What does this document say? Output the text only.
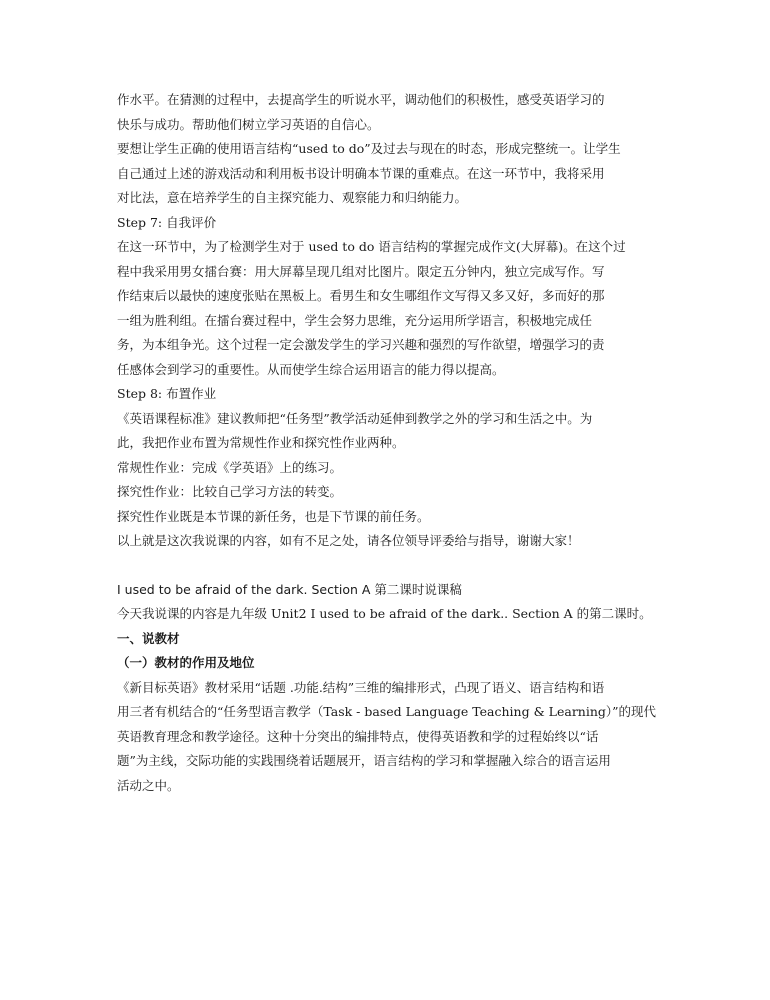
作水平。在猜测的过程中，去提高学生的听说水平，调动他们的积极性，感受英语学习的
快乐与成功。帮助他们树立学习英语的自信心。
要想让学生正确的使用语言结构“used to do”及过去与现在的时态，形成完整统一。让学生
自己通过上述的游戏活动和利用板书设计明确本节课的重难点。在这一环节中，我将采用
对比法，意在培养学生的自主探究能力、观察能力和归纳能力。
Step 7: 自我评价
在这一环节中，为了检测学生对于 used to do 语言结构的掌握完成作文(大屏幕)。在这个过
程中我采用男女擂台赛：用大屏幕呈现几组对比图片。限定五分钟内，独立完成写作。写
作结束后以最快的速度张贴在黑板上。看男生和女生哪组作文写得又多又好，多而好的那
一组为胜利组。在擂台赛过程中，学生会努力思维，充分运用所学语言，积极地完成任
务，为本组争光。这个过程一定会激发学生的学习兴趣和强烈的写作欲望，增强学习的责
任感体会到学习的重要性。从而使学生综合运用语言的能力得以提高。
Step 8: 布置作业
《英语课程标准》建议教师把“任务型”教学活动延伸到教学之外的学习和生活之中。为
此，我把作业布置为常规性作业和探究性作业两种。
常规性作业：完成《学英语》上的练习。
探究性作业：比较自己学习方法的转变。
探究性作业既是本节课的新任务，也是下节课的前任务。
以上就是这次我说课的内容，如有不足之处，请各位领导评委给与指导，谢谢大家！
I used to be afraid of the dark. Section A 第二课时说课稿
今天我说课的内容是九年级 Unit2 I used to be afraid of the dark.. Section A 的第二课时。
一、说教材
（一）教材的作用及地位
《新目标英语》教材采用“话题 .功能.结构”三维的编排形式，凸现了语义、语言结构和语
用三者有机结合的“任务型语言教学（Task - based Language Teaching & Learning）”的现代
英语教育理念和教学途径。这种十分突出的编排特点，使得英语教和学的过程始终以“话
题”为主线，交际功能的实践围绕着话题展开，语言结构的学习和掌握融入综合的语言运用
活动之中。
